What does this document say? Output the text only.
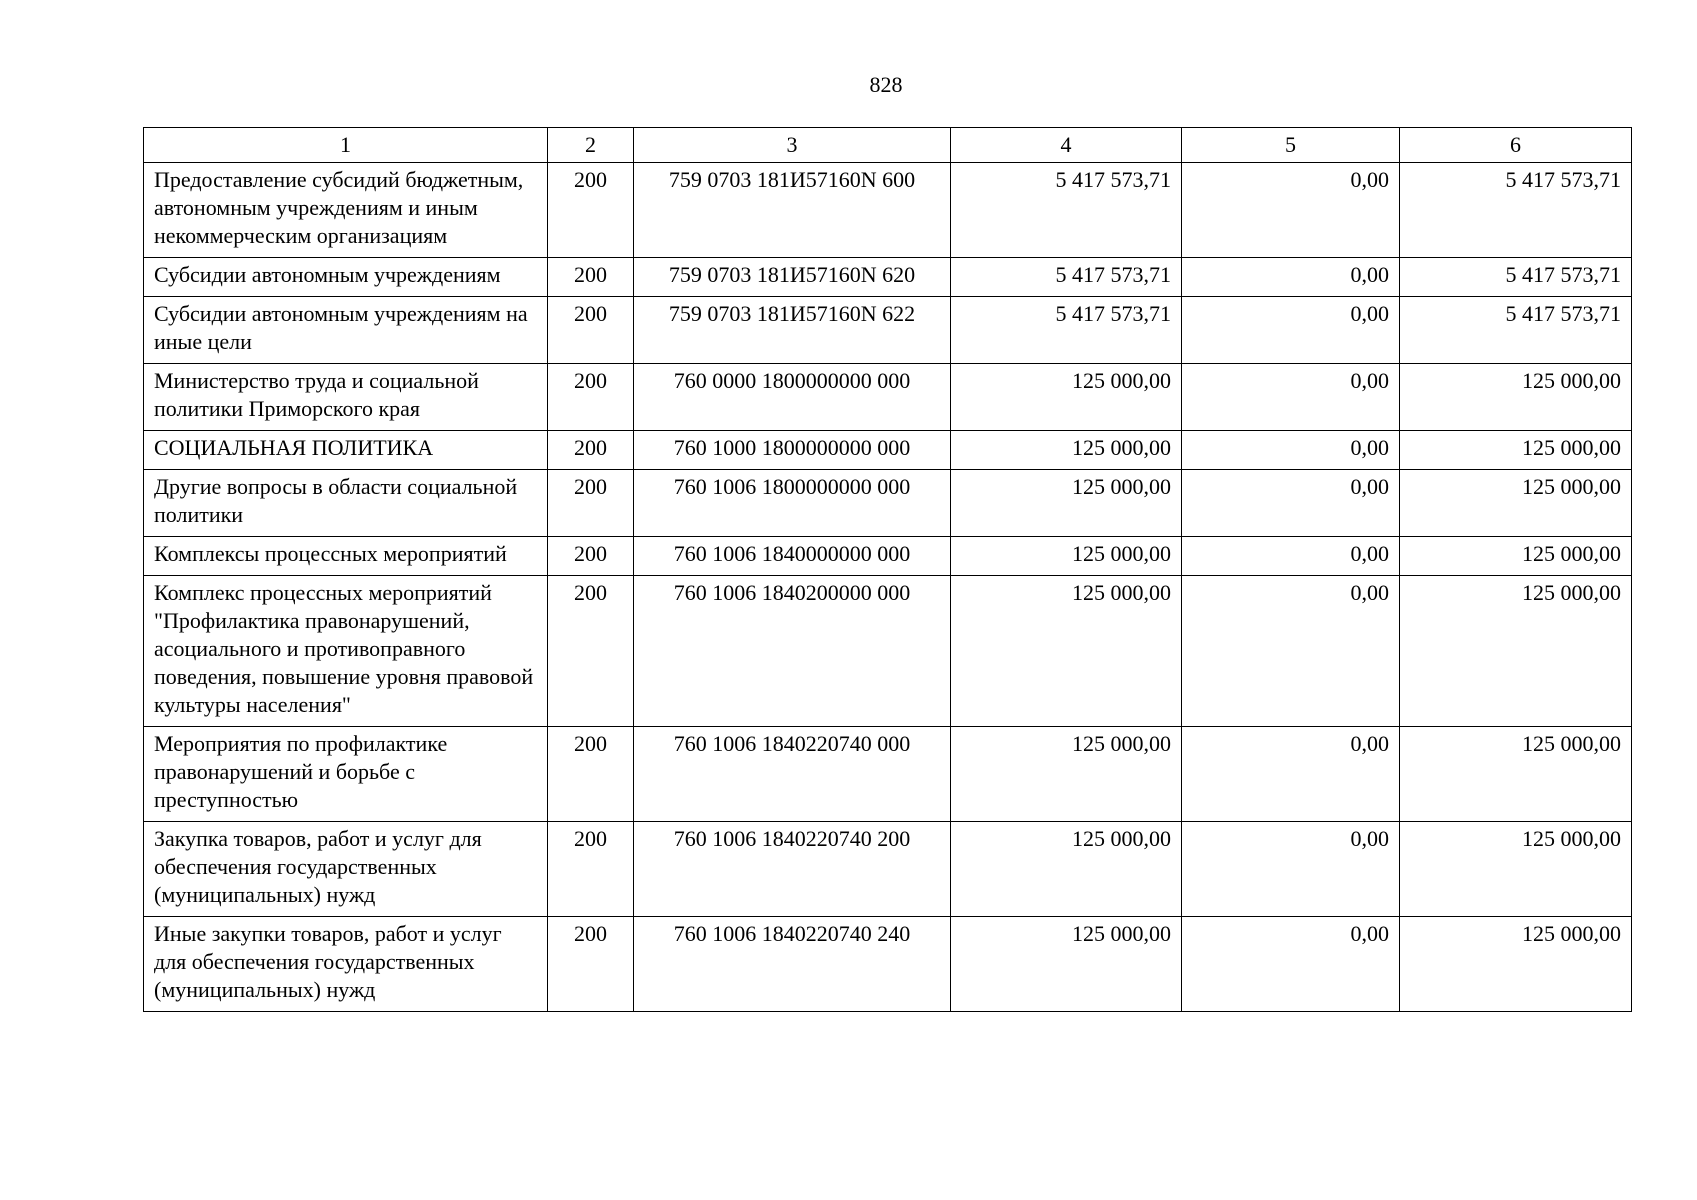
828
1	2	3	4	5	6
Предоставление субсидий бюджетным, автономным учреждениям и иным некоммерческим организациям	200	759 0703 181И57160N 600	5 417 573,71	0,00	5 417 573,71
Субсидии автономным учреждениям	200	759 0703 181И57160N 620	5 417 573,71	0,00	5 417 573,71
Субсидии автономным учреждениям на иные цели	200	759 0703 181И57160N 622	5 417 573,71	0,00	5 417 573,71
Министерство труда и социальной политики Приморского края	200	760 0000 1800000000 000	125 000,00	0,00	125 000,00
СОЦИАЛЬНАЯ ПОЛИТИКА	200	760 1000 1800000000 000	125 000,00	0,00	125 000,00
Другие вопросы в области социальной политики	200	760 1006 1800000000 000	125 000,00	0,00	125 000,00
Комплексы процессных мероприятий	200	760 1006 1840000000 000	125 000,00	0,00	125 000,00
Комплекс процессных мероприятий "Профилактика правонарушений, асоциального и противоправного поведения, повышение уровня правовой культуры населения"	200	760 1006 1840200000 000	125 000,00	0,00	125 000,00
Мероприятия по профилактике правонарушений и борьбе с преступностью	200	760 1006 1840220740 000	125 000,00	0,00	125 000,00
Закупка товаров, работ и услуг для обеспечения государственных (муниципальных) нужд	200	760 1006 1840220740 200	125 000,00	0,00	125 000,00
Иные закупки товаров, работ и услуг для обеспечения государственных (муниципальных) нужд	200	760 1006 1840220740 240	125 000,00	0,00	125 000,00
